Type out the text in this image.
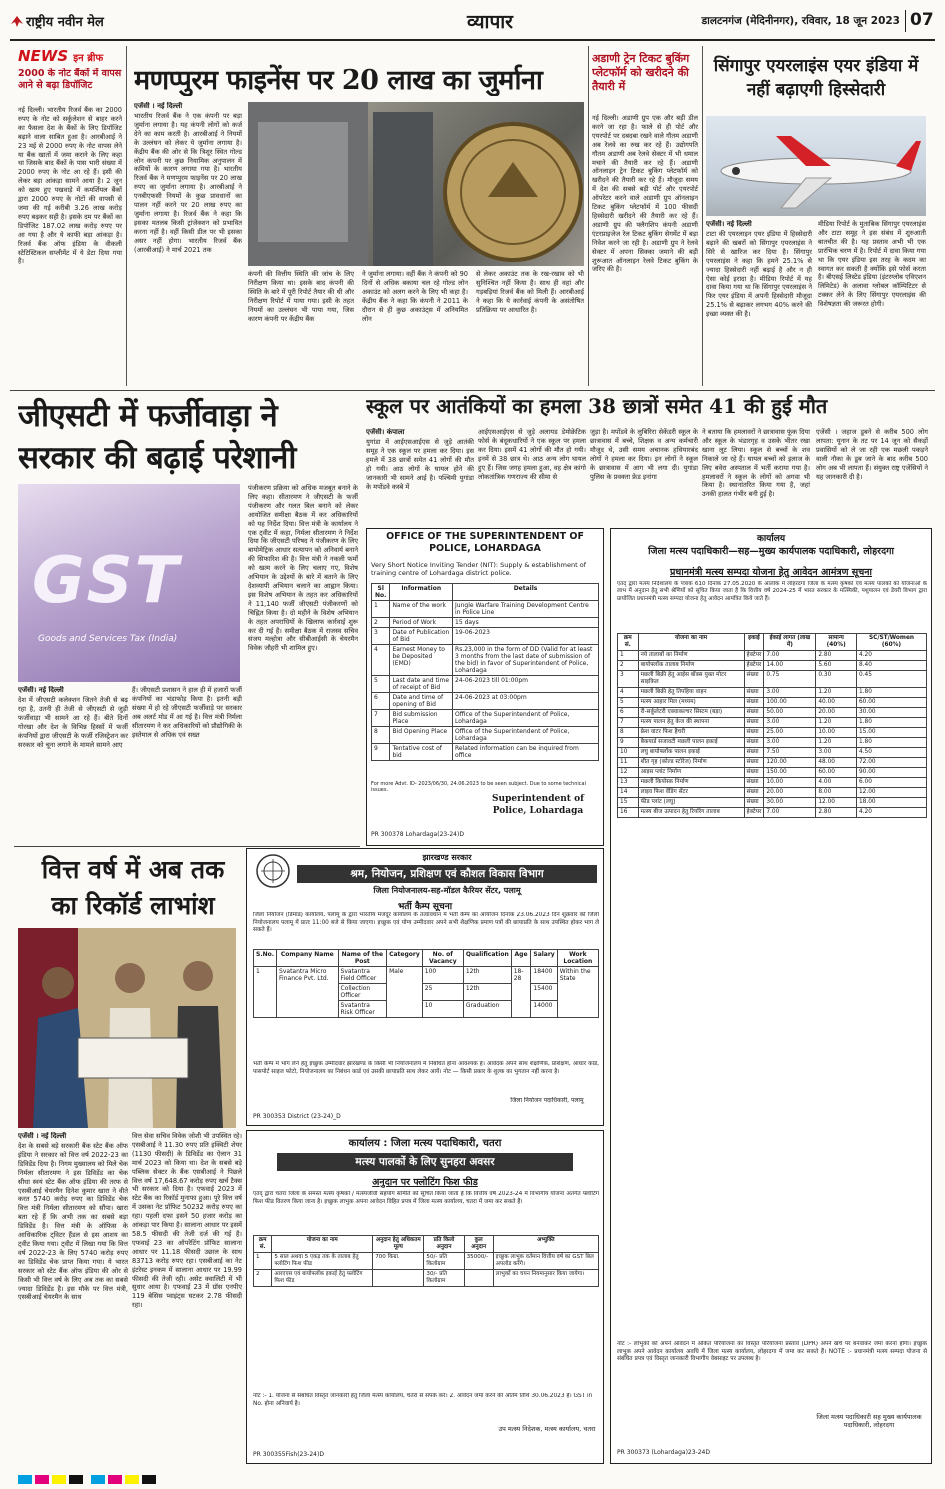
राष्ट्रीय नवीन मेल	व्यापार	डालटनगंज (मेदिनीनगर), रविवार, 18 जून 2023 07
NEWS इन ब्रीफ
2000 के नोट बैंकों में वापस आने से बढ़ा डिपॉजिट
नई दिल्ली। भारतीय रिजर्व बैंक का 2000 रुपए के नोट को सर्कुलेशन से बाहर करने का फैसला देश के बैंकों के लिए डिपॉजिट बढ़ाने वाला साबित हुआ है। आरबीआई ने 23 मई से 2000 रुपए के नोट वापस लेने या बैंक खातों में जमा कराने के लिए कहा था जिसके बाद बैंकों के पास भारी संख्या में 2000 रुपए के नोट आ रहे हैं। इसी की लेकर बड़ा आंकड़ा सामने आया है। 2 जून को खत्म हुए पखवाड़े में कमर्शियल बैंकों द्वारा 2000 रुपए के नोटों की वापसी से जमा की गई करीबी 3.26 लाख करोड़ रुपए बढ़कर सही है। इसके दम पर बैंकों का डिपॉजिट 187.02 लाख करोड़ रुपए पर आ गया है और ये काफी बड़ा आंकड़ा है। रिजर्व बैंक ऑफ इंडिया के वीकली स्टेटिस्टिकल सप्लीमेंट में ये डेटा दिया गया है।
मणप्पुरम फाइनेंस पर 20 लाख का जुर्माना
एजेंसी । नई दिल्ली
भारतीय रिजर्व बैंक ने एक कंपनी पर बड़ा जुर्माना लगाया है। यह कंपनी लोगों को कर्ज देने का काम करती है। आरबीआई ने नियमों के उल्लंघन को लेकर ये जुर्माना लगाया है। केंद्रीय बैंक की ओर से कि त्रिशूर स्थित गोल्ड लोन कंपनी पर कुछ नियामिक अनुपालन में कमियों के कारण लगाया गया है। भारतीय रिजर्व बैंक ने मणप्पुरम फाइनेंस पर 20 लाख रुपए का जुर्माना लगाया है। आरबीआई ने एनबीएफसी नियमों के कुछ प्रावधानों का पालन नहीं करने पर 20 लाख रुपए का जुर्माना लगाया है। रिजर्व बैंक ने कहा कि इसका मतलब किसी ट्रांजेक्शन को प्रभावित करना नहीं है। वहीं किसी डील पर भी इसका असर नहीं होगा। भारतीय रिजर्व बैंक (आरबीआई) ने मार्च 2021 तक
कंपनी की वित्तीय स्थिति की जांच के लिए निरीक्षण किया था। इसके बाद कंपनी की स्थिति के बारे में पूरी रिपोर्ट तैयार की थी और निरीक्षण रिपोर्ट में पाया गया। इसी के तहत नियमों का उल्लंघन भी पाया गया, जिस कारण कंपनी पर केंद्रीय बैंक
ने जुर्माना लगाया। वहीं बैंक ने कंपनी को 90 दिनों से अधिक बकाया चल रहे गोल्ड लोन अकाउंट को अलग करने के लिए भी कहा है। केंद्रीय बैंक ने कहा कि कंपनी ने 2011 के दौरान से ही कुछ अकाउंट्स में अनियमित लोन
से लेकर अकाउंट तक के रख-रखाव को भी सुनिश्चित नहीं किया है। साथ ही वहां और गड़बड़ियां रिजर्व बैंक को मिली हैं। आरबीआई ने कहा कि ये कार्रवाई कंपनी के असंतोषित प्रतिक्रिया पर आधारित है।
अडाणी ट्रेन टिकट बुकिंग प्लेटफॉर्म को खरीदने की तैयारी में
नई दिल्ली। अडाणी ग्रुप एक और बड़ी डील करने जा रहा है। फाले से ही पोर्ट और एयरपोर्ट पर दबदबा रखने वाले गौतम अडाणी अब रेलवे का रुख कर रहे हैं। उद्योगपति गौतम अडाणी अब रेलवे सेक्टर में भी धमाल मचाने की तैयारी कर रहे हैं। अडाणी ऑनलाइन ट्रेन टिकट बुकिंग प्लेटफॉर्म को खरीदने की तैयारी कर रहे हैं। मौजूदा समय में देश की सबसे बड़ी पोर्ट और एयरपोर्ट ऑपरेटर करने वाले अडाणी ग्रुप ऑनलाइन टिकट बुकिंग प्लेटफॉर्म में 100 फीसदी हिस्सेदारी खरीदने की तैयारी कर रहे हैं। अडाणी ग्रुप की फ्लैगशिप कंपनी अडाणी एंटरप्राइजेज रेल टिकट बुकिंग सेगमेंट में बड़ा निवेश करने जा रही है। अडाणी ग्रुप ने रेलवे सेक्टर में अपना सिक्का जमाने की बड़ी शुरूआत ऑनलाइन रेलवे टिकट बुकिंग के जरिए की है।
सिंगापुर एयरलाइंस एयर इंडिया में नहीं बढ़ाएगी हिस्सेदारी
एजेंसी। नई दिल्ली
टाटा की एयरलाइन एयर इंडिया में हिस्सेदारी बढ़ाने की खबरों को सिंगापुर एयरलाइंस ने सिरे से खारिज कर दिया है। सिंगापुर एयरलाइंस ने कहा कि हमने 25.1% से ज्यादा हिस्सेदारी नहीं बढ़ाई है और न ही ऐसा कोई इरादा है। मीडिया रिपोर्ट में यह दावा किया गया था कि सिंगापुर एयरलाइंस ने फिर एयर इंडिया में अपनी हिस्सेदारी मौजूदा 25.1% से बढ़ाकर लगभग 40% करने की इच्छा व्यक्त की है।
मीडिया रिपोर्ट के मुताबिक सिंगापुर एयरलाइंस और टाटा समूह ने इस संबंध में शुरुआती बातचीत की है। यह प्रस्ताव अभी भी एक प्रारंभिक चरण में है। रिपोर्ट में दावा किया गया था कि एयर इंडिया इस तरह के कदम का स्वागत कर सकती है क्योंकि इसे फोर्स करता है। बीएसई लिस्टेड इंडिया (इंटरग्लोब एविएशन लिमिटेड) के अलावा ग्लोबल कॉम्पिटिटर से टक्कर लेने के लिए सिंगापुर एयरलाइंस की विशेषज्ञता की जरूरत होगी।
जीएसटी में फर्जीवाड़ा ने
सरकार की बढ़ाई परेशानी
GST
Goods and Services Tax (India)
पंजीकरण प्रक्रिया को अधिक मजबूत बनाने के लिए कहा। सीतारमण ने जीएसटी के फर्जी पंजीकरण और गलत बिल बनाने को लेकर आयोजित समीक्षा बैठक में कर अधिकारियों को यह निर्देश दिया। वित्त मंत्री के कार्यालय ने एक ट्वीट में कहा, निर्मला सीतारमण ने निर्देश दिया कि जीएसटी परिषद ने पंजीकरण के लिए बायोमेट्रिक आधार सत्यापन को अनिवार्य बनाने की सिफारिश की है। वित्त मंत्री ने नकली फर्मों को खत्म करने के लिए चलाए गए, विशेष अभियान के उद्देश्यों के बारे में बताने के लिए देशव्यापी अभियान चलाने का आह्वान किया। इस विशेष अभियान के तहत कर अधिकारियों ने 11,140 फर्जी जीएसटी पंजीकरणों को चिह्नित किया है। दो महीने के विशेष अभियान के तहत अपराधियों के खिलाफ कार्रवाई शुरू कर दी गई है। समीक्षा बैठक में राजस्व सचिव संजय मल्होत्रा और सीबीआईसी के चेयरमैन विवेक जौहरी भी शामिल हुए।
एजेंसी। नई दिल्ली
देश में जीएसटी कलेक्शन जितने तेजी से बढ़ रहा है, उतनी ही तेजी से जीएसटी से जुड़ी फर्जीवाड़ा भी सामने आ रहे हैं। बीते दिनों गोरखा और देश के विभिन्न हिस्सों में फर्जी कंपनियों द्वारा जीएसटी के फर्जी रजिस्ट्रेशन कर सरकार को चूना लगाने के मामले सामने आए
हैं। जीएसटी प्रशासन ने हाल ही में हजारों फर्जी कंपनियों का भंडाफोड़ किया है। इतनी बड़ी संख्या में हो रहे जीएसटी फर्जीवाड़े पर सरकार अब अलर्ट मोड में आ गई है। वित्त मंत्री निर्मला सीतारमण ने कर अधिकारियों को प्रौद्योगिकी के इस्तेमाल से अधिक एवं सख्त
वित्त वर्ष में अब तक
का रिकॉर्ड लाभांश
एजेंसी । नई दिल्ली
देश के सबसे बड़े सरकारी बैंक स्टेट बैंक ऑफ इंडिया ने सरकार को वित्त वर्ष 2022-23 का डिविडेंड दिया है। निगम मुख्यालय को मिले चेक निर्मला सीतारमण ने इस डिविडेंड का चेक सीधा स्वयं स्टेट बैंक ऑफ इंडिया की तरफ से एसबीआई चेयरमैन दिनेश कुमार खारा ने वीते करत 5740 करोड़ रुपए का डिविडेंड चेक वित्त मंत्री निर्मला सीतारमण को सौंपा। खारा बता रहे हैं कि अभी तक का सबसे बड़ा डिविडेंड है। वित्त मंत्री के ऑफिस के आधिकारिक ट्विटर हैंडल से इस आशय का ट्वीट किया गया। ट्वीट में लिखा गया कि वित्त वर्ष 2022-23 के लिए 5740 करोड़ रुपए का डिविडेंड चेक प्राप्त किया गया। ये भारत सरकार को स्टेट बैंक ऑफ इंडिया की ओर से किसी भी वित्त वर्ष के लिए अब तक का सबसे ज्यादा डिविडेंड है। इस मौके पर वित्त मंत्री, एसबीआई चेयरमैन के साथ
वित्त सेवा सचिव विवेक जोशी भी उपस्थित रहे। एसबीआई ने 11.30 रुपए प्रति इक्विटी शेयर (1130 फीसदी) के डिविडेंड का ऐलान 31 मार्च 2023 को किया था। देश के सबसे बड़े पब्लिक सेक्टर के बैंक एसबीआई ने पिछले वित्त वर्ष 17,648.67 करोड़ रुपए खर्च टैक्स भी सरकार को दिया है। एफवाई 2023 में स्टेट बैंक का रिकॉर्ड मुनाफा हुआ। पूरे वित्त वर्ष में उसका नेट प्रॉफिट 50232 करोड़ रुपए का रहा। पहली दफा इसने 50 हजार करोड़ का आंकड़ा पार किया है। सालाना आधार पर इसमें 58.5 फीसदी की तेजी दर्ज की गई है। एफवाई 23 का ऑपरेटिंग प्रॉफिट सालाना आधार पर 11.18 फीसदी उछाल के साथ 83713 करोड़ रुपए रहा। एसबीआई का नेट इंटरेस्ट इनकम में सालाना आधार पर 19.99 फीसदी की तेजी रही। असेट क्वालिटी में भी सुधार आया है। एफवाई 23 में ग्रॉस एनपीए 119 बेसिस प्वाइंट्स घटकर 2.78 फीसदी रहा।
स्कूल पर आतंकियों का हमला 38 छात्रों समेत 41 की हुई मौत
एजेंसी। कंपाला
युगांडा में आईएसआईएस से जुड़े आतंकी समूह ने एक स्कूल पर हमला कर दिया। इस हमले में 38 छात्रों समेत 41 लोगों की मौत हो गयी। आठ लोगों के घायल होने की जानकारी भी सामने आई है। पश्चिमी युगांडा के मपोंडवे कस्बे में
आईएसआईएस से जुड़े अलायड डेमोक्रेटिक फोर्स के बंदूकधारियों ने एक स्कूल पर हमला कर दिया। इसमें 41 लोगों की मौत हो गयी। इनमें से 38 छात्र थे। आठ अन्य लोग घायल हुए हैं। जिस जगह हमला हुआ, वह क्षेत्र कांगो लोकतांत्रिक गणराज्य की सीमा से
जुड़ा है। मपोंडवे के लुबिरिरा सेकेंडरी स्कूल के छात्रावास में बच्चे, शिक्षक व अन्य कर्मचारी मौजूद थे, उसी समय अचानक हथियारबंद लोगों ने हमला कर दिया। इन लोगों ने स्कूल के छात्रावास में आग भी लगा दी। युगांडा पुलिस के प्रवक्ता फ्रेड इनांगा
ने बताया कि हमलावरों ने छात्रावास फूंक दिया और स्कूल के भंडारगृह व उसके भीतर रखा खाना लूट लिया। स्कूल से बच्चों के शव निकाले जा रहे हैं। घायल बच्चों को इलाज के लिए बवेरा अस्पताल में भर्ती कराया गया है। हमलावरों ने स्कूल के लोगों को अगवा भी किया है। स्थानांतरित किया गया है, जहां उनकी हालत गंभीर बनी हुई है।
एजेंसी । जहाज डूबने से करीब 500 लोग लापता: यूनान के तट पर 14 जून को सैकड़ों प्रवासियों को ले जा रही एक मछली पकड़ने वाली नौका के डूब जाने के बाद करीब 500 लोग अब भी लापता हैं। संयुक्त राष्ट्र एजेंसियों ने यह जानकारी दी है।
OFFICE OF THE SUPERINTENDENT OF POLICE, LOHARDAGA
Very Short Notice Inviting Tender (NIT): Supply & establishment of training centre of Lohardaga district police.
Sl No.	Information	Details
1	Name of the work	Jungle Warfare Training Development Centre in Police Line
2	Period of Work	15 days
3	Date of Publication of Bid	19-06-2023
4	Earnest Money to be Deposited (EMD)	Rs.23,000 in the form of DD (Valid for at least 3 months from the last date of submission of the bid) in favor of Superintendent of Police, Lohardaga
5	Last date and time of receipt of Bid	24-06-2023 till 01:00pm
6	Date and time of opening of Bid	24-06-2023 at 03:00pm
7	Bid submission Place	Office of the Superintendent of Police, Lohardaga
8	Bid Opening Place	Office of the Superintendent of Police, Lohardaga
9	Tentative cost of bid	Related information can be inquired from office
For more Advt. ID- 2023/06/30, 24.06.2023 to be seen subject. Due to some technical issues.
Superintendent of Police, Lohardaga
PR 300378 Lohardaga(23-24)D
झारखण्ड सरकार
श्रम, नियोजन, प्रशिक्षण एवं कौशल विकास विभाग
जिला नियोजनालय-सह-मॉडल कैरियर सेंटर, पलामू
भर्ती कैम्प सूचना
जिला नियोजन (डिमांड) कार्यालय, पलामू के द्वारा भारतीय मजदूर कार्यालय के तत्वावधान में भर्ती कैम्प का आयोजन दिनांक 23.06.2023 दिन शुक्रवार को जिला नियोजनालय पलामू में प्रातः 11:00 बजे से किया जाएगा। इच्छुक एवं योग्य उम्मीदवार अपने सभी शैक्षणिक प्रमाण पत्रों की छायाप्रति के साथ उपस्थित होकर भाग ले सकते हैं।
S.No.	Company Name	Name of the Post	Category	No. of Vacancy	Qualification	Age	Salary	Work Location
1	Svatantra Micro Finance Pvt. Ltd.	Svatantra Field Officer	Male	100	12th	18-28	18400	Within the State
		Collection Officer		25	12th		15400	
		Svatantra Risk Officer		10	Graduation		14000	
भर्ती कैम्प में भाग लेने हेतु इच्छुक उम्मीदवार झारखण्ड के किसी भी नियोजनालय में निबंधित होना आवश्यक है। आवेदक अपने साथ शैक्षणिक, प्रशिक्षण, आधार कार्ड, पासपोर्ट साइज फोटो, नियोजनालय का निबंधन कार्ड एवं उसकी छायाप्रति साथ लेकर आयें। नोट — किसी प्रकार के शुल्क का भुगतान नहीं करना है।
जिला नियोजन पदाधिकारी, पलामू
PR 300353 District (23-24)_D
कार्यालय : जिला मत्स्य पदाधिकारी, चतरा
मत्स्य पालकों के लिए सुनहरा अवसर
अनुदान पर फ्लोटिंग फिश फीड
एतद् द्वारा चतरा जिला के समस्त मत्स्य कृषकों / मत्स्यजीवी सहयोग समिति को सूचित किया जाता है कि वित्तीय वर्ष 2023-24 में विभागीय योजना अंतर्गत फ्लोटिंग फिश फीड वितरण किया जाना है। इच्छुक लाभुक अपना आवेदन विहित प्रपत्र में जिला मत्स्य कार्यालय, चतरा में जमा कर सकते हैं।
क्रम सं.	योजना का नाम	अनुदान हेतु अधिकतम मूल्य	प्रति किलो अनुदान	कुल अनुदान	अभ्युक्ति
1	5 साल अथवा 5 एकड़ तक के तालाब हेतु फ्लोटिंग फिश फीड	700 किग्रा.	50/- प्रति किलोग्राम	35000/-	इच्छुक लाभुक वर्तमान वित्तीय वर्ष का GST बिल अपलोड करेंगे।
2	आरएएस एवं बायोफ्लॉक इकाई हेतु फ्लोटिंग फिश फीड		30/- प्रति किलोग्राम		लाभुकों का चयन नियमानुसार किया जायेगा।
नोट :- 1. योजना से संबंधित विस्तृत जानकारी हेतु जिला मत्स्य कार्यालय, चतरा से संपर्क करें। 2. आवेदन जमा करने की अंतिम तिथि 30.06.2023 है। GST in No. होना अनिवार्य है।
उप मत्स्य निदेशक, मत्स्य कार्यालय, चतरा
PR 300355Fish(23-24)D
कार्यालय
जिला मत्स्य पदाधिकारी—सह—मुख्य कार्यपालक पदाधिकारी, लोहरदगा
प्रधानमंत्री मत्स्य सम्पदा योजना हेतु आवेदन आमंत्रण सूचना
एतद् द्वारा मत्स्य निदेशालय के पत्रांक 610 दिनांक 27.05.2020 के आलोक में लोहरदगा जिला के मत्स्य कृषकों एवं मत्स्य पालकों को योजनाओं के लाभ में अनुदान हेतु सभी श्रेणियों को सूचित किया जाता है कि वित्तीय वर्ष 2024-25 में भारत सरकार के मत्स्यिकी, पशुपालन एवं डेयरी विभाग द्वारा प्रायोजित प्रधानमंत्री मत्स्य सम्पदा योजना हेतु आवेदन आमंत्रित किये जाते हैं।
क्रम सं.	योजना का नाम	इकाई	ईकाई लागत (लाख में)	सामान्य (40%)	SC/ST/Women (60%)
1	नये तालाबों का निर्माण	हेक्टेयर	7.00	2.80	4.20
2	बायोफ्लॉक तालाब निर्माण	हेक्टेयर	14.00	5.60	8.40
3	मछली बिक्री हेतु आईस बॉक्स युक्त मोटर साइकिल	संख्या	0.75	0.30	0.45
4	मछली बिक्री हेतु तिपहिया वाहन	संख्या	3.00	1.20	1.80
5	मत्स्य आहार मिल (मध्यम)	संख्या	100.00	40.00	60.00
6	री-सर्कुलेटरी एक्वाकल्चर सिस्टम (बड़ा)	संख्या	50.00	20.00	30.00
7	मत्स्य पालन हेतु केज की स्थापना	संख्या	3.00	1.20	1.80
8	फ्रेश वाटर फिश हैचरी	संख्या	25.00	10.00	15.00
9	बैकयार्ड सजावटी मछली पालन इकाई	संख्या	3.00	1.20	1.80
10	लघु बायोफ्लॉक पालन इकाई	संख्या	7.50	3.00	4.50
11	शीत गृह (कोल्ड स्टोरेज) निर्माण	संख्या	120.00	48.00	72.00
12	आइस प्लांट निर्माण	संख्या	150.00	60.00	90.00
13	मछली कियोस्क निर्माण	संख्या	10.00	4.00	6.00
14	लाइव फिश वेंडिंग सेंटर	संख्या	20.00	8.00	12.00
15	फीड प्लांट (लघु)	संख्या	30.00	12.00	18.00
16	मत्स्य बीज उत्पादन हेतु रियरिंग तालाब	हेक्टेयर	7.00	2.80	4.20
नोट :- लाभुकों को अपने आवेदन में अंकित परियोजना का विस्तृत परियोजना प्रस्ताव (DPR) अपने खर्च पर बनवाकर जमा करना होगा। इच्छुक लाभुक अपने आवेदन कार्यालय अवधि में जिला मत्स्य कार्यालय, लोहरदगा में जमा कर सकते हैं। NOTE :- प्रधानमंत्री मत्स्य सम्पदा योजना से संबंधित प्रपत्र एवं विस्तृत जानकारी विभागीय वेबसाइट पर उपलब्ध है।
जिला मत्स्य पदाधिकारी सह मुख्य कार्यपालक पदाधिकारी, लोहरदगा
PR 300373 (Lohardaga)23-24D
